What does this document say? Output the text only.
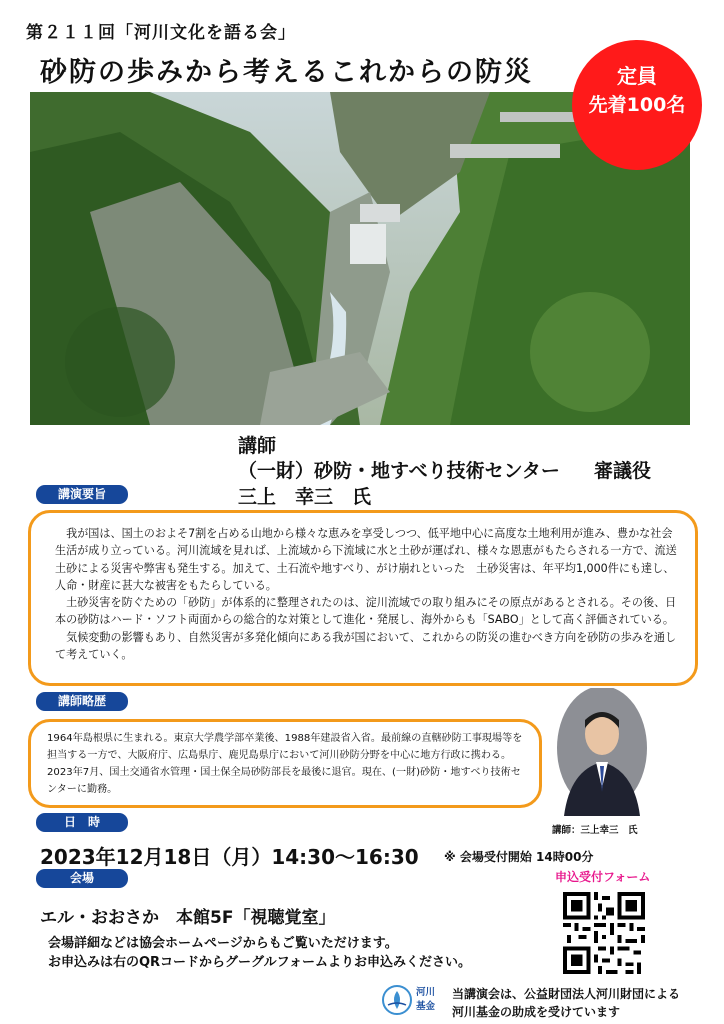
第２１１回「河川文化を語る会」
砂防の歩みから考えるこれからの防災	定員
先着100名
講師
（一財）砂防・地すべり技術センター 審議役
三上　幸三　氏
講演要旨

我が国は、国土のおよそ7割を占める山地から様々な恵みを享受しつつ、低平地中心に高度な土地利用が進み、豊かな社会生活が成り立っている。河川流域を見れば、上流域から下流域に水と土砂が運ばれ、様々な恩恵がもたらされる一方で、流送土砂による災害や弊害も発生する。加えて、土石流や地すべり、がけ崩れといった　土砂災害は、年平均1,000件にも達し、人命・財産に甚大な被害をもたらしている。

土砂災害を防ぐための「砂防」が体系的に整理されたのは、淀川流域での取り組みにその原点があるとされる。その後、日本の砂防はハード・ソフト両面からの総合的な対策として進化・発展し、海外からも「SABO」として高く評価されている。

気候変動の影響もあり、自然災害が多発化傾向にある我が国において、これからの防災の進むべき方向を砂防の歩みを通して考えていく。

講師略歴
1964年島根県に生まれる。東京大学農学部卒業後、1988年建設省入省。最前線の直轄砂防工事現場等を担当する一方で、大阪府庁、広島県庁、鹿児島県庁において河川砂防分野を中心に地方行政に携わる。2023年7月、国土交通省水管理・国土保全局砂防部長を最後に退官。現在、(一財)砂防・地すべり技術センターに勤務。
講師：三上幸三　氏
日　時
2023年12月18日（月）14:30～16:30 ※ 会場受付開始 14時00分
申込受付フォーム
会場
エル・おおさか　本館5F「視聴覚室」
会場詳細などは協会ホームページからもご覧いただけます。
お申込みは右のQRコードからグーグルフォームよりお申込みください。
河川
基金
当講演会は、公益財団法人河川財団による
河川基金の助成を受けています
